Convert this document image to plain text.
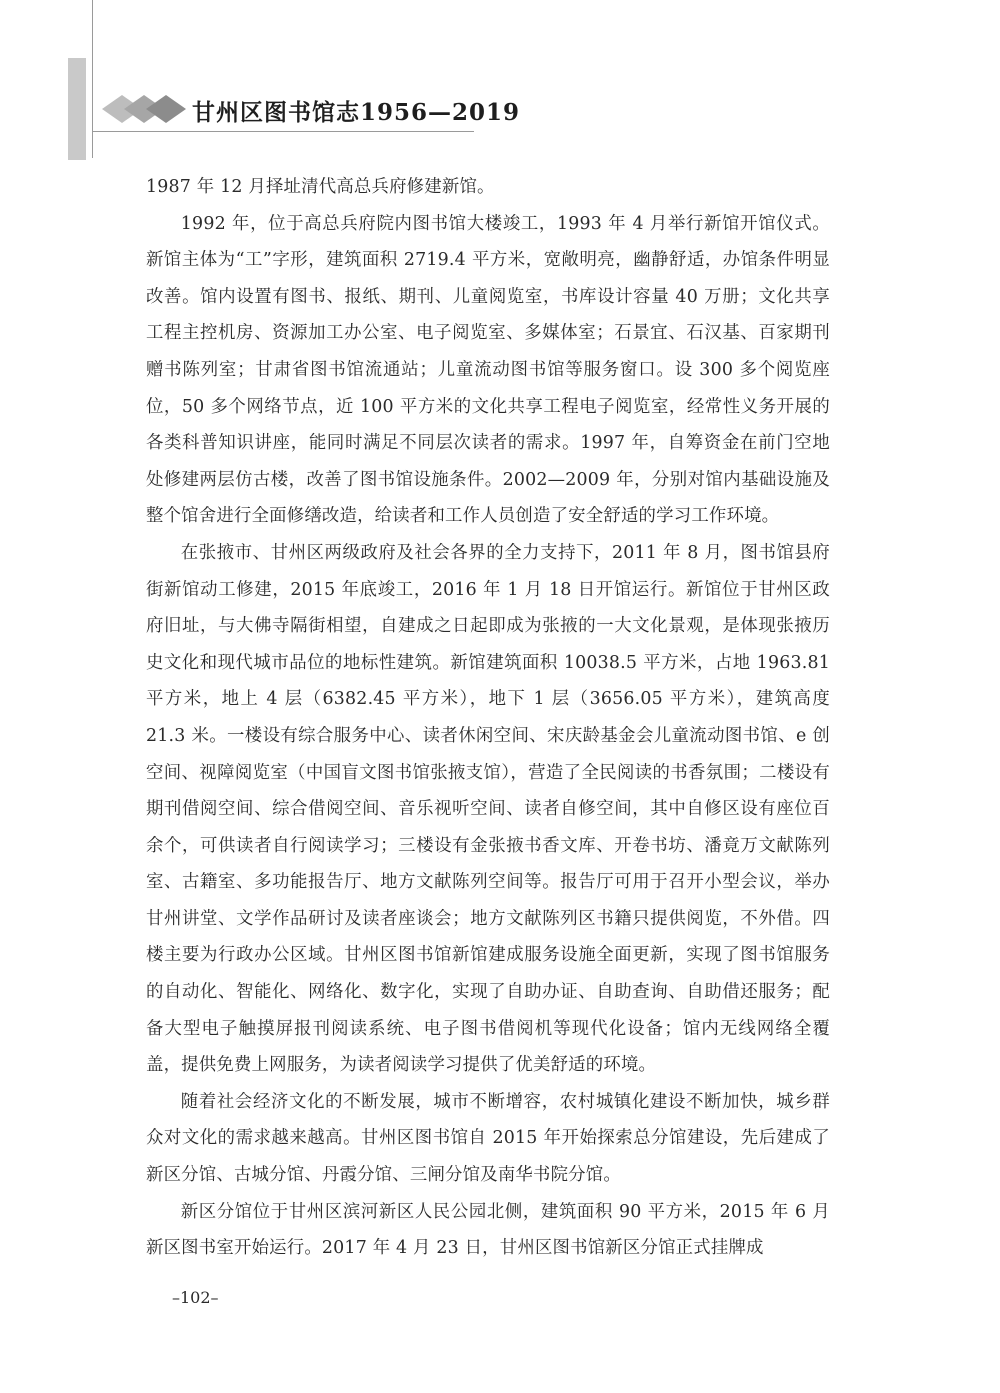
甘州区图书馆志1956—2019

1987 年 12 月择址清代高总兵府修建新馆。

1992 年，位于高总兵府院内图书馆大楼竣工，1993 年 4 月举行新馆开馆仪式。新馆主体为“工”字形，建筑面积 2719.4 平方米，宽敞明亮，幽静舒适，办馆条件明显改善。馆内设置有图书、报纸、期刊、儿童阅览室，书库设计容量 40 万册；文化共享工程主控机房、资源加工办公室、电子阅览室、多媒体室；石景宜、石汉基、百家期刊赠书陈列室；甘肃省图书馆流通站；儿童流动图书馆等服务窗口。设 300 多个阅览座位，50 多个网络节点，近 100 平方米的文化共享工程电子阅览室，经常性义务开展的各类科普知识讲座，能同时满足不同层次读者的需求。1997 年，自筹资金在前门空地处修建两层仿古楼，改善了图书馆设施条件。2002—2009 年，分别对馆内基础设施及整个馆舍进行全面修缮改造，给读者和工作人员创造了安全舒适的学习工作环境。

在张掖市、甘州区两级政府及社会各界的全力支持下，2011 年 8 月，图书馆县府街新馆动工修建，2015 年底竣工，2016 年 1 月 18 日开馆运行。新馆位于甘州区政府旧址，与大佛寺隔街相望，自建成之日起即成为张掖的一大文化景观，是体现张掖历史文化和现代城市品位的地标性建筑。新馆建筑面积 10038.5 平方米，占地 1963.81 平方米，地上 4 层（6382.45 平方米），地下 1 层（3656.05 平方米），建筑高度 21.3 米。一楼设有综合服务中心、读者休闲空间、宋庆龄基金会儿童流动图书馆、e 创空间、视障阅览室（中国盲文图书馆张掖支馆），营造了全民阅读的书香氛围；二楼设有期刊借阅空间、综合借阅空间、音乐视听空间、读者自修空间，其中自修区设有座位百余个，可供读者自行阅读学习；三楼设有金张掖书香文库、开卷书坊、潘竟万文献陈列室、古籍室、多功能报告厅、地方文献陈列空间等。报告厅可用于召开小型会议，举办甘州讲堂、文学作品研讨及读者座谈会；地方文献陈列区书籍只提供阅览，不外借。四楼主要为行政办公区域。甘州区图书馆新馆建成服务设施全面更新，实现了图书馆服务的自动化、智能化、网络化、数字化，实现了自助办证、自助查询、自助借还服务；配备大型电子触摸屏报刊阅读系统、电子图书借阅机等现代化设备；馆内无线网络全覆盖，提供免费上网服务，为读者阅读学习提供了优美舒适的环境。

随着社会经济文化的不断发展，城市不断增容，农村城镇化建设不断加快，城乡群众对文化的需求越来越高。甘州区图书馆自 2015 年开始探索总分馆建设，先后建成了新区分馆、古城分馆、丹霞分馆、三闸分馆及南华书院分馆。

新区分馆位于甘州区滨河新区人民公园北侧，建筑面积 90 平方米，2015 年 6 月新区图书室开始运行。2017 年 4 月 23 日，甘州区图书馆新区分馆正式挂牌成

–102–
